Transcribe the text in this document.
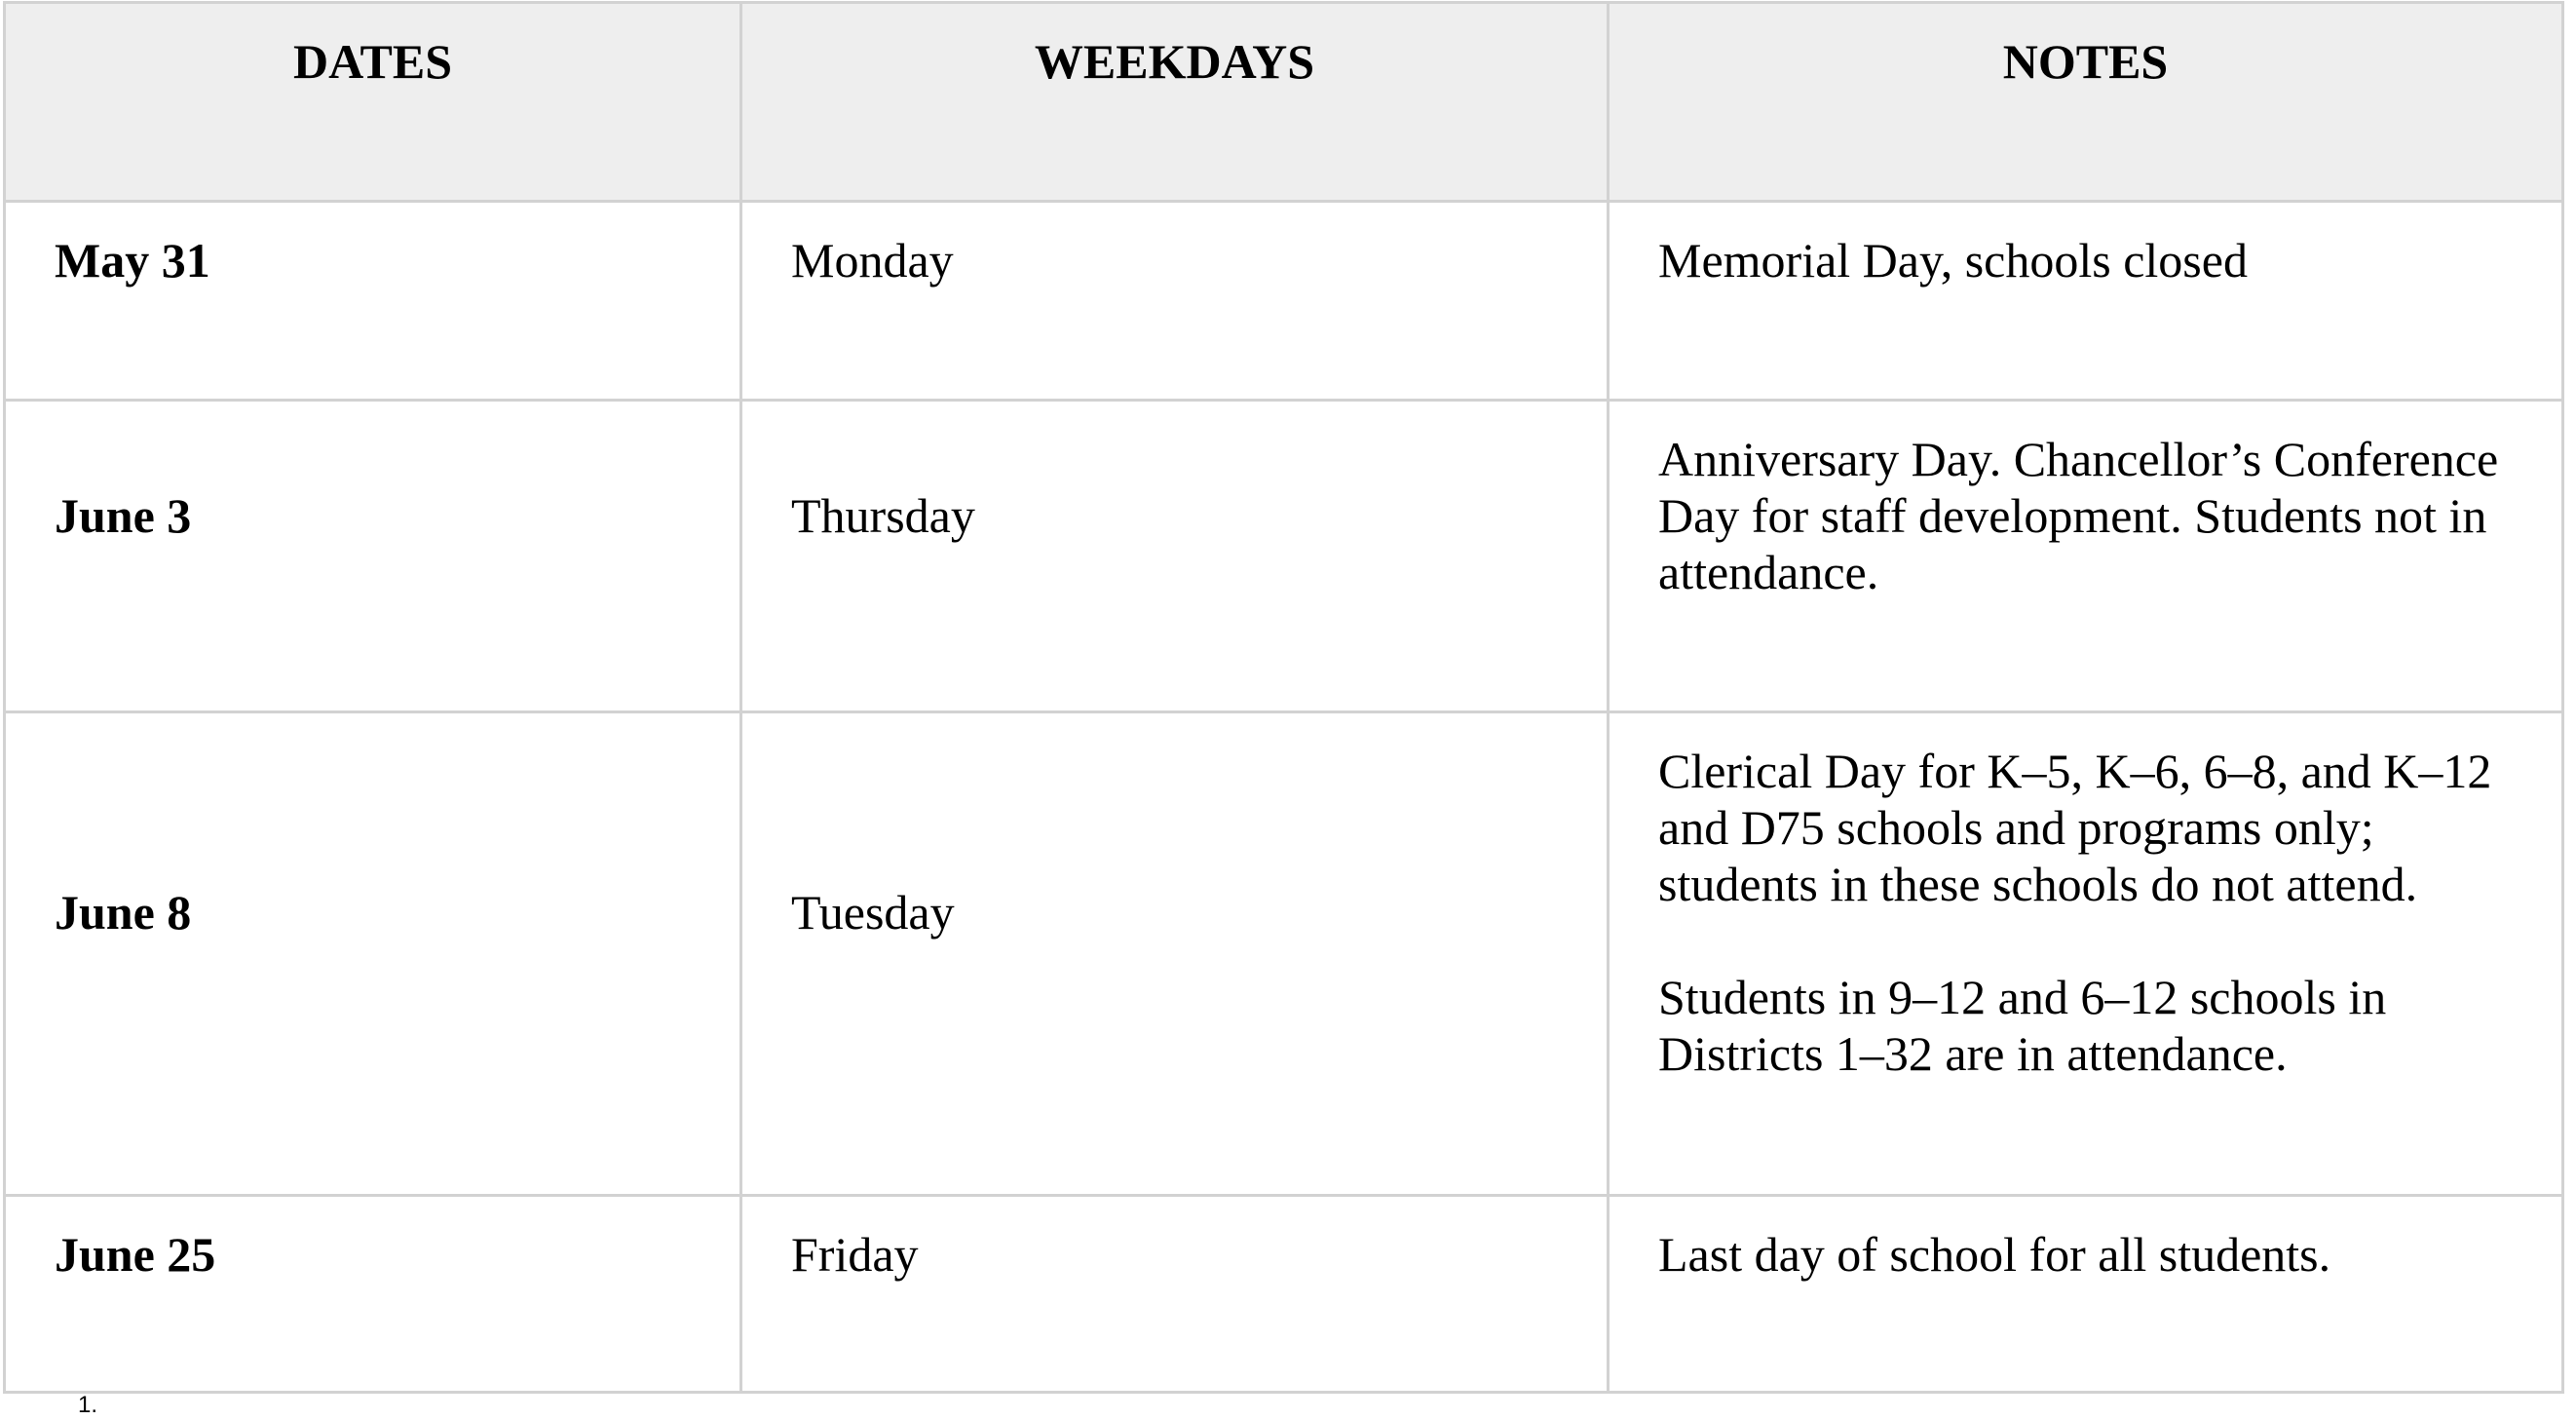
DATES	WEEKDAYS	NOTES
May 31	Monday	Memorial Day, schools closed

June 3	Thursday	Anniversary Day. Chancellor’s Conference Day for staff development. Students not in attendance.

June 8	Tuesday	Clerical Day for K–5, K–6, 6–8, and K–12 and D75 schools and programs only; students in these schools do not attend.

Students in 9–12 and 6–12 schools in Districts 1–32 are in attendance.

June 25	Friday	Last day of school for all students.

1.
